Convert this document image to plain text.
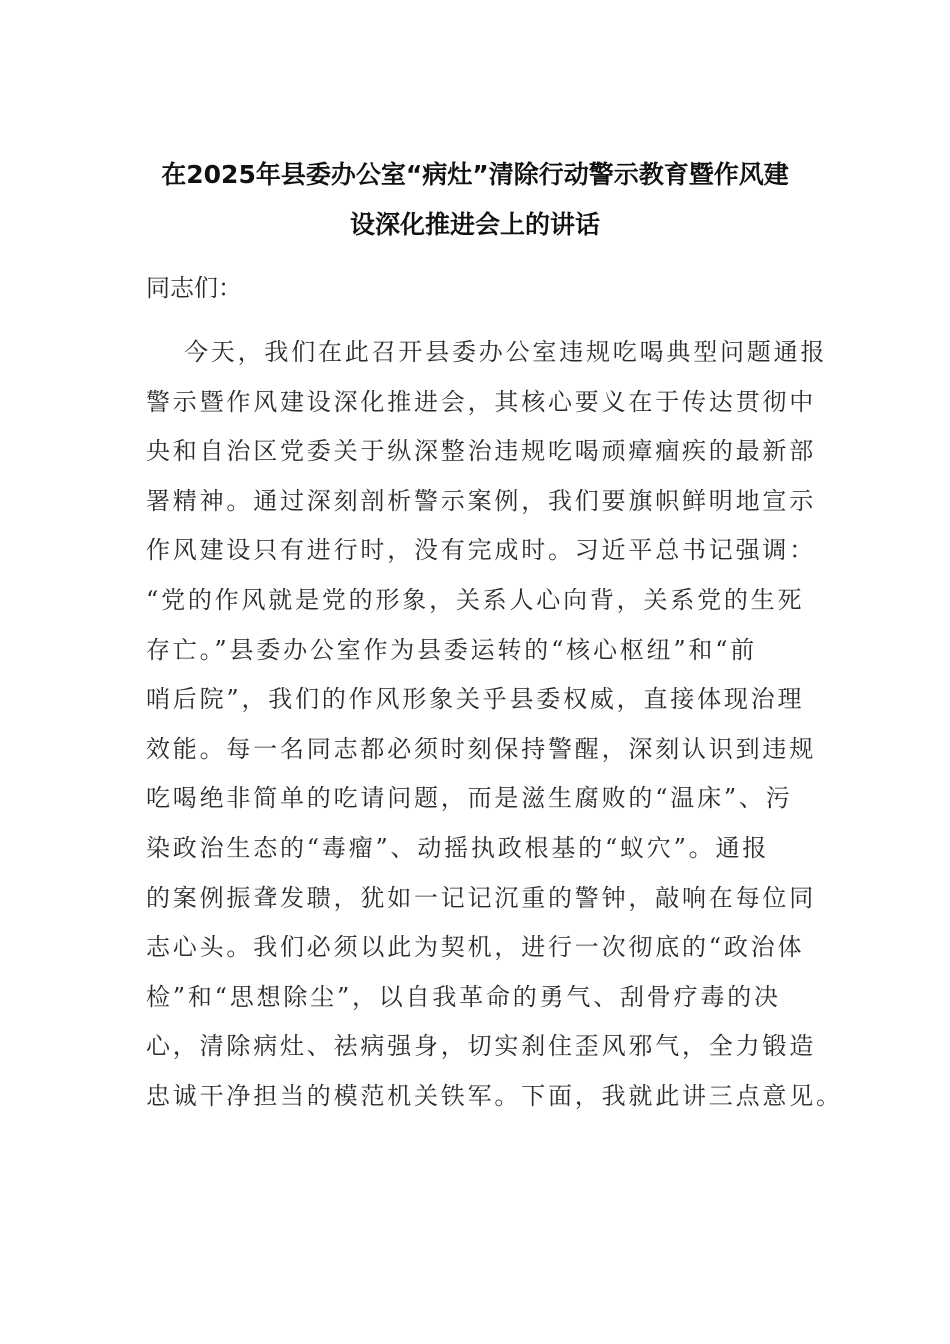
在2025年县委办公室“病灶”清除行动警示教育暨作风建
设深化推进会上的讲话

同志们：

今天，我们在此召开县委办公室违规吃喝典型问题通报
警示暨作风建设深化推进会，其核心要义在于传达贯彻中
央和自治区党委关于纵深整治违规吃喝顽瘴痼疾的最新部
署精神。通过深刻剖析警示案例，我们要旗帜鲜明地宣示
作风建设只有进行时，没有完成时。习近平总书记强调：
“党的作风就是党的形象，关系人心向背，关系党的生死
存亡。”县委办公室作为县委运转的“核心枢纽”和“前
哨后院”，我们的作风形象关乎县委权威，直接体现治理
效能。每一名同志都必须时刻保持警醒，深刻认识到违规
吃喝绝非简单的吃请问题，而是滋生腐败的“温床”、污
染政治生态的“毒瘤”、动摇执政根基的“蚁穴”。通报
的案例振聋发聩，犹如一记记沉重的警钟，敲响在每位同
志心头。我们必须以此为契机，进行一次彻底的“政治体
检”和“思想除尘”，以自我革命的勇气、刮骨疗毒的决
心，清除病灶、祛病强身，切实刹住歪风邪气，全力锻造
忠诚干净担当的模范机关铁军。下面，我就此讲三点意见。
